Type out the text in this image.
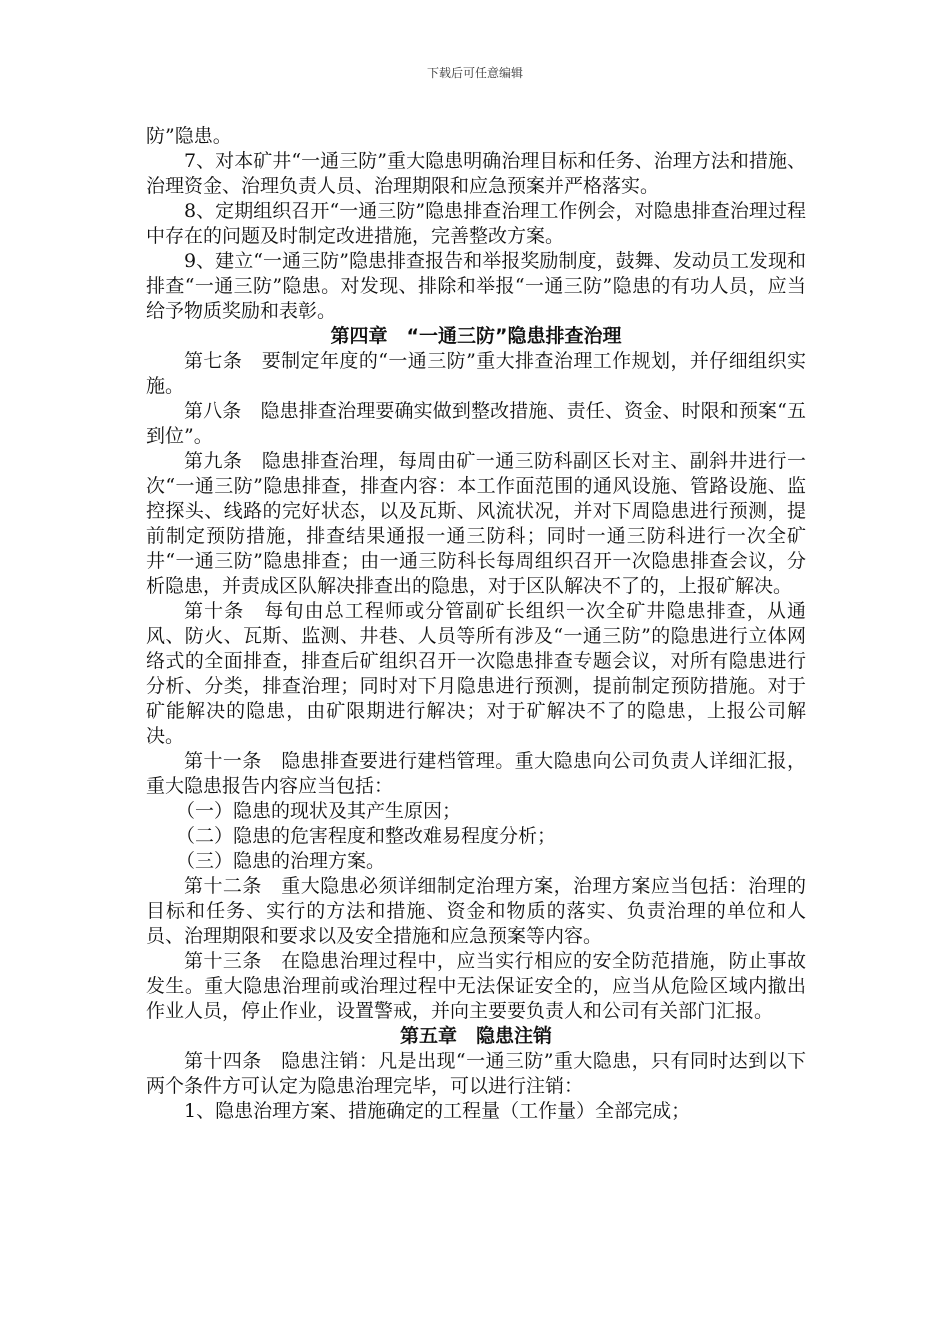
下载后可任意编辑

防”隐患。

7、对本矿井“一通三防”重大隐患明确治理目标和任务、治理方法和措施、治理资金、治理负责人员、治理期限和应急预案并严格落实。

8、定期组织召开“一通三防”隐患排查治理工作例会，对隐患排查治理过程中存在的问题及时制定改进措施，完善整改方案。

9、建立“一通三防”隐患排查报告和举报奖励制度，鼓舞、发动员工发现和排查“一通三防”隐患。对发现、排除和举报“一通三防”隐患的有功人员，应当给予物质奖励和表彰。

第四章　“一通三防”隐患排查治理

第七条　要制定年度的“一通三防”重大排查治理工作规划，并仔细组织实施。

第八条　隐患排查治理要确实做到整改措施、责任、资金、时限和预案“五到位”。

第九条　隐患排查治理，每周由矿一通三防科副区长对主、副斜井进行一次“一通三防”隐患排查，排查内容：本工作面范围的通风设施、管路设施、监控探头、线路的完好状态，以及瓦斯、风流状况，并对下周隐患进行预测，提前制定预防措施，排查结果通报一通三防科；同时一通三防科进行一次全矿井“一通三防”隐患排查；由一通三防科长每周组织召开一次隐患排查会议，分析隐患，并责成区队解决排查出的隐患，对于区队解决不了的，上报矿解决。

第十条　每旬由总工程师或分管副矿长组织一次全矿井隐患排查，从通风、防火、瓦斯、监测、井巷、人员等所有涉及“一通三防”的隐患进行立体网络式的全面排查，排查后矿组织召开一次隐患排查专题会议，对所有隐患进行分析、分类，排查治理；同时对下月隐患进行预测，提前制定预防措施。对于矿能解决的隐患，由矿限期进行解决；对于矿解决不了的隐患，上报公司解决。

第十一条　隐患排查要进行建档管理。重大隐患向公司负责人详细汇报，重大隐患报告内容应当包括：

（一）隐患的现状及其产生原因；

（二）隐患的危害程度和整改难易程度分析；

（三）隐患的治理方案。

第十二条　重大隐患必须详细制定治理方案，治理方案应当包括：治理的目标和任务、实行的方法和措施、资金和物质的落实、负责治理的单位和人员、治理期限和要求以及安全措施和应急预案等内容。

第十三条　在隐患治理过程中，应当实行相应的安全防范措施，防止事故发生。重大隐患治理前或治理过程中无法保证安全的，应当从危险区域内撤出作业人员，停止作业，设置警戒，并向主要要负责人和公司有关部门汇报。

第五章　隐患注销

第十四条　隐患注销：凡是出现“一通三防”重大隐患，只有同时达到以下两个条件方可认定为隐患治理完毕，可以进行注销：

1、隐患治理方案、措施确定的工程量（工作量）全部完成；
